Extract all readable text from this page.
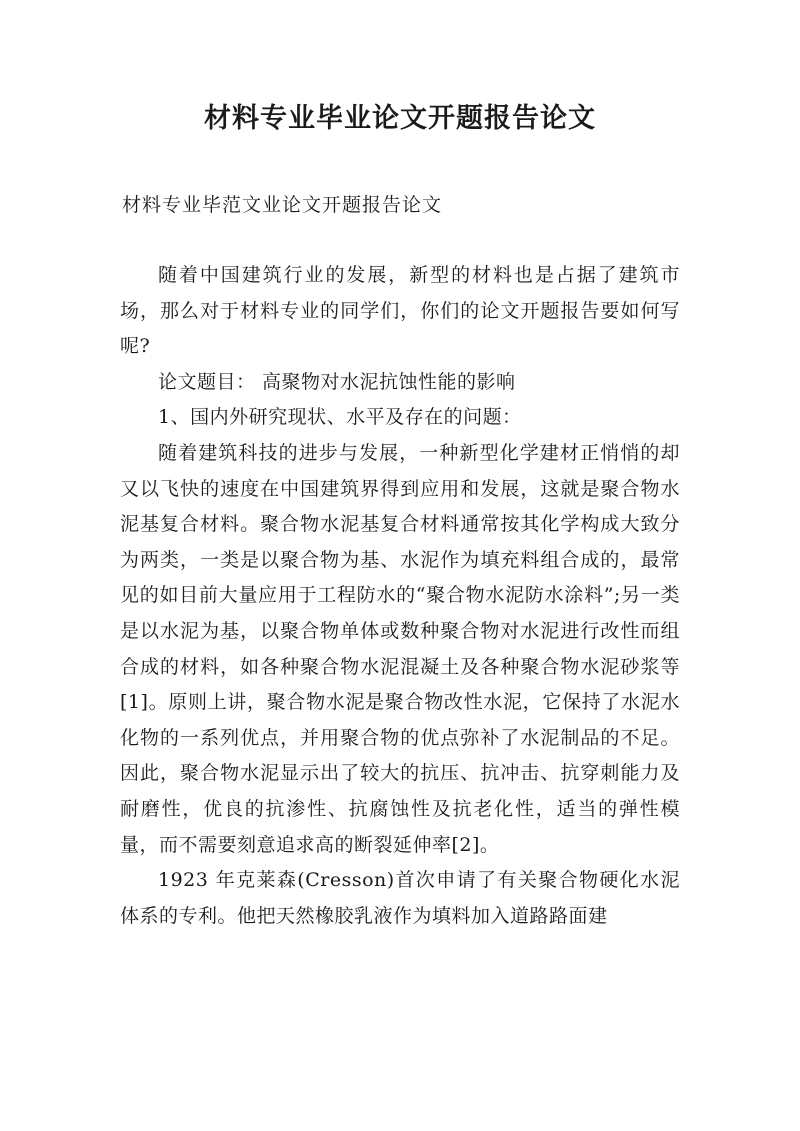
材料专业毕业论文开题报告论文

材料专业毕范文业论文开题报告论文

随着中国建筑行业的发展，新型的材料也是占据了建筑市场，那么对于材料专业的同学们，你们的论文开题报告要如何写呢?

论文题目： 高聚物对水泥抗蚀性能的影响

1、国内外研究现状、水平及存在的问题：

随着建筑科技的进步与发展，一种新型化学建材正悄悄的却又以飞快的速度在中国建筑界得到应用和发展，这就是聚合物水泥基复合材料。聚合物水泥基复合材料通常按其化学构成大致分为两类，一类是以聚合物为基、水泥作为填充料组合成的，最常见的如目前大量应用于工程防水的“聚合物水泥防水涂料”;另一类是以水泥为基，以聚合物单体或数种聚合物对水泥进行改性而组合成的材料，如各种聚合物水泥混凝土及各种聚合物水泥砂浆等[1]。原则上讲，聚合物水泥是聚合物改性水泥，它保持了水泥水化物的一系列优点，并用聚合物的优点弥补了水泥制品的不足。因此，聚合物水泥显示出了较大的抗压、抗冲击、抗穿刺能力及耐磨性，优良的抗渗性、抗腐蚀性及抗老化性，适当的弹性模量，而不需要刻意追求高的断裂延伸率[2]。

1923 年克莱森(Cresson)首次申请了有关聚合物硬化水泥体系的专利。他把天然橡胶乳液作为填料加入道路路面建
